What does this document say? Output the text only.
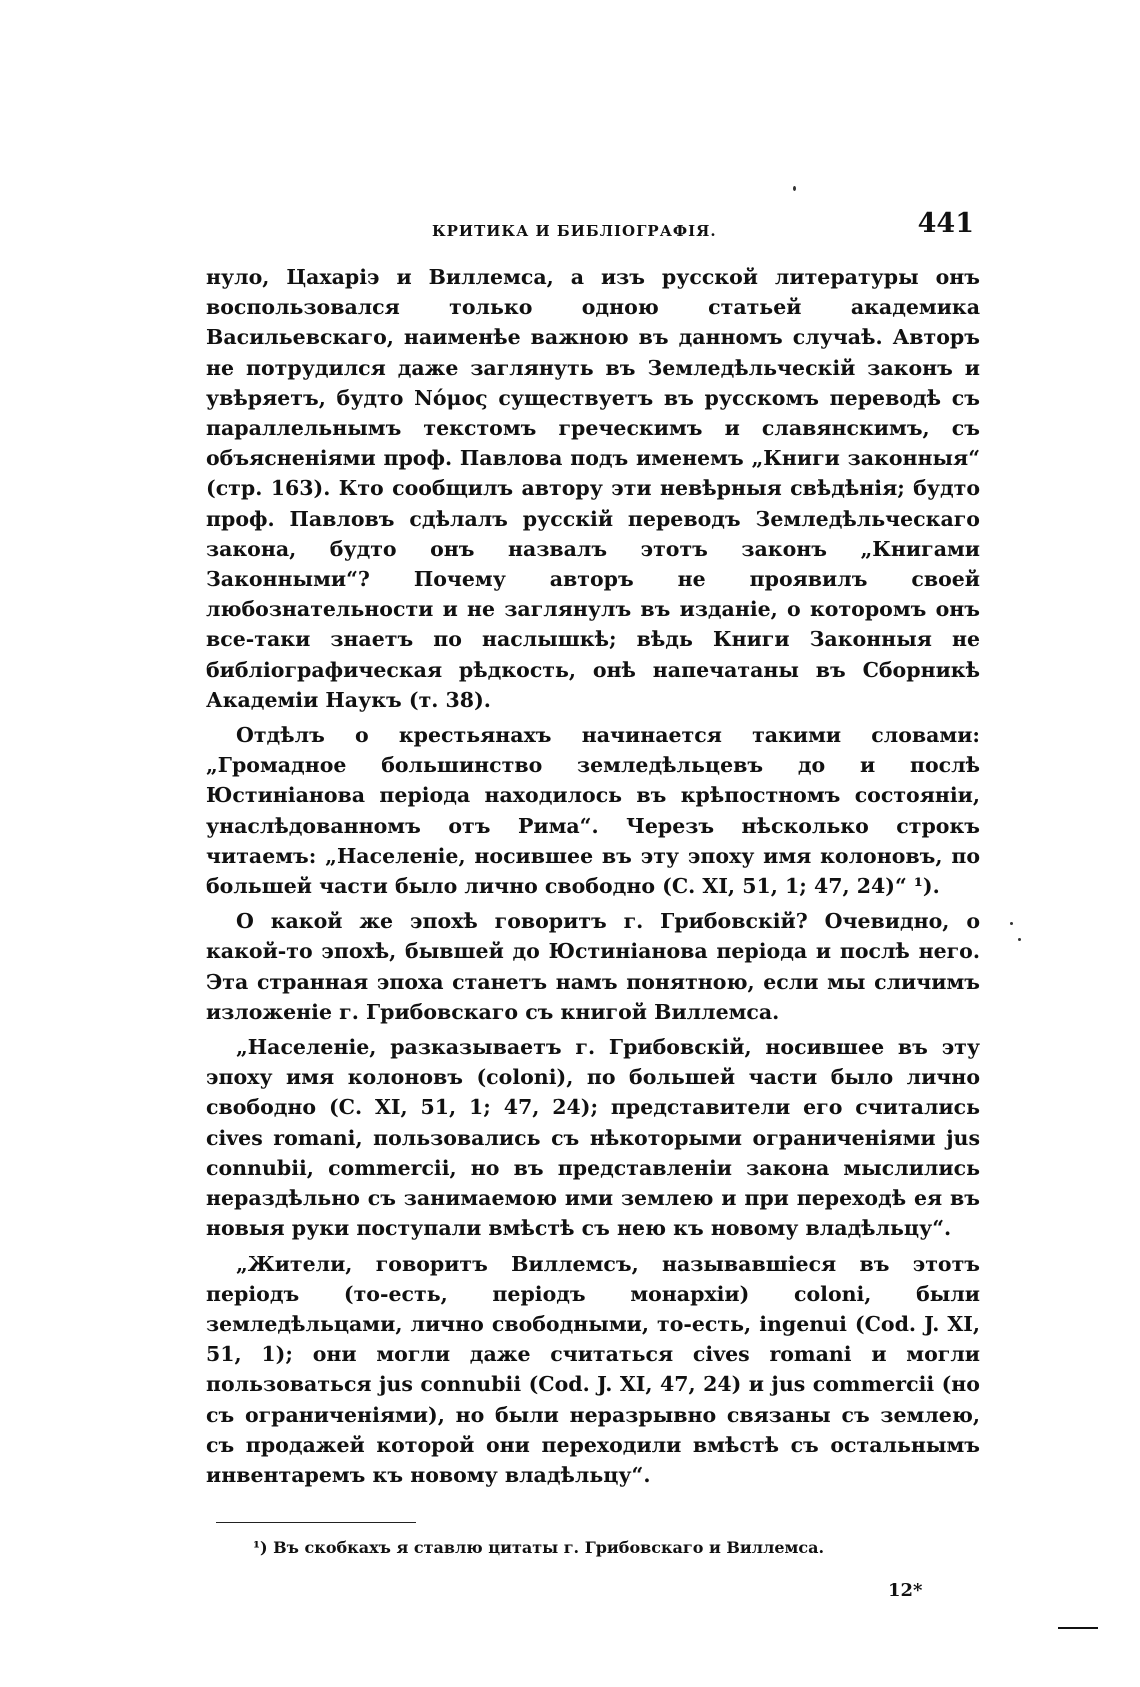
КРИТИКА И БИБЛІОГРАФІЯ.	441

нуло, Цахаріэ и Виллемса, а изъ русской литературы онъ воспользовался только одною статьей академика Васильевскаго, наименѣе важною въ данномъ случаѣ. Авторъ не потрудился даже заглянуть въ Земледѣльческій законъ и увѣряетъ, будто Νόμος существуетъ въ русскомъ переводѣ съ параллельнымъ текстомъ греческимъ и славянскимъ, съ объясненіями проф. Павлова подъ именемъ „Книги законныя“ (стр. 163). Кто сообщилъ автору эти невѣрныя свѣдѣнія; будто проф. Павловъ сдѣлалъ русскій переводъ Земледѣльческаго закона, будто онъ назвалъ этотъ законъ „Книгами Законными“? Почему авторъ не проявилъ своей любознательности и не заглянулъ въ изданіе, о которомъ онъ все-таки знаетъ по наслышкѣ; вѣдь Книги Законныя не библіографическая рѣдкость, онѣ напечатаны въ Сборникѣ Академіи Наукъ (т. 38).

Отдѣлъ о крестьянахъ начинается такими словами: „Громадное большинство земледѣльцевъ до и послѣ Юстиніанова періода находилось въ крѣпостномъ состояніи, унаслѣдованномъ отъ Рима“. Черезъ нѣсколько строкъ читаемъ: „Населеніе, носившее въ эту эпоху имя колоновъ, по большей части было лично свободно (С. XI, 51, 1; 47, 24)“ ¹).

О какой же эпохѣ говоритъ г. Грибовскій? Очевидно, о какой-то эпохѣ, бывшей до Юстиніанова періода и послѣ него. Эта странная эпоха станетъ намъ понятною, если мы сличимъ изложеніе г. Грибовскаго съ книгой Виллемса.

„Населеніе, разказываетъ г. Грибовскій, носившее въ эту эпоху имя колоновъ (coloni), по большей части было лично свободно (С. XI, 51, 1; 47, 24); представители его считались cives romani, пользовались съ нѣкоторыми ограниченіями jus connubii, commercii, но въ представленіи закона мыслились нераздѣльно съ занимаемою ими землею и при переходѣ ея въ новыя руки поступали вмѣстѣ съ нею къ новому владѣльцу“.

„Жители, говоритъ Виллемсъ, называвшіеся въ этотъ періодъ (то-есть, періодъ монархіи) coloni, были земледѣльцами, лично свободными, то-есть, ingenui (Cod. J. XI, 51, 1); они могли даже считаться cives romani и могли пользоваться jus connubii (Cod. J. XI, 47, 24) и jus commercii (но съ ограниченіями), но были неразрывно связаны съ землею, съ продажей которой они переходили вмѣстѣ съ остальнымъ инвентаремъ къ новому владѣльцу“.

¹) Въ скобкахъ я ставлю цитаты г. Грибовскаго и Виллемса.
12*
